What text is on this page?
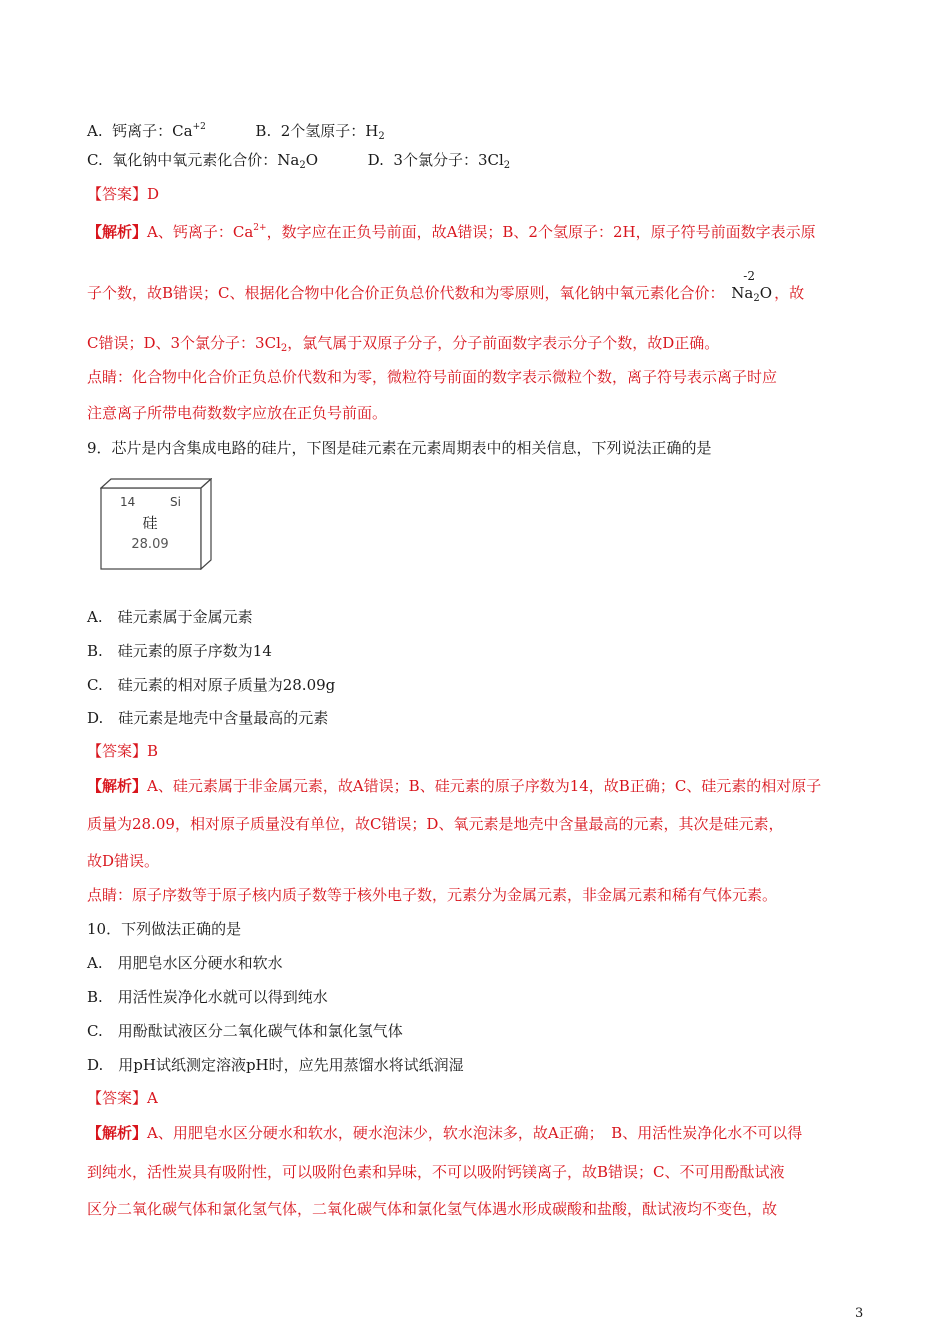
A. 钙离子：$Ca^{+2}$	B. 2个氢原子：$H_2$
C. 氧化钠中氧元素化合价：$Na_2O$	D. 3个氯分子：$3Cl_2$
【答案】D
【解析】A、钙离子：$Ca^{2+}$，数字应在正负号前面，故A错误；B、2个氢原子：2H，原子符号前面数字表示原
子个数，故B错误；C、根据化合物中化合价正负总价代数和为零原则，氧化钠中氧元素化合价：
-2
$Na_2O$ ，故
C错误；D、3个氯分子：$3Cl_2$，氯气属于双原子分子，分子前面数字表示分子个数，故D正确。
点睛：化合物中化合价正负总价代数和为零，微粒符号前面的数字表示微粒个数，离子符号表示离子时应
注意离子所带电荷数数字应放在正负号前面。
9．芯片是内含集成电路的硅片，下图是硅元素在元素周期表中的相关信息，下列说法正确的是
14	Si
硅
28.09
A.　硅元素属于金属元素
B.　硅元素的原子序数为14
C.　硅元素的相对原子质量为28.09g
D.　硅元素是地壳中含量最高的元素
【答案】B
【解析】A、硅元素属于非金属元素，故A错误；B、硅元素的原子序数为14，故B正确；C、硅元素的相对原子
质量为28.09，相对原子质量没有单位，故C错误；D、氧元素是地壳中含量最高的元素，其次是硅元素，
故D错误。
点睛：原子序数等于原子核内质子数等于核外电子数，元素分为金属元素，非金属元素和稀有气体元素。
10．下列做法正确的是
A.　用肥皂水区分硬水和软水
B.　用活性炭净化水就可以得到纯水
C.　用酚酞试液区分二氧化碳气体和氯化氢气体
D.　用pH试纸测定溶液pH时，应先用蒸馏水将试纸润湿
【答案】A
【解析】A、用肥皂水区分硬水和软水，硬水泡沫少，软水泡沫多，故A正确；　B、用活性炭净化水不可以得
到纯水，活性炭具有吸附性，可以吸附色素和异味，不可以吸附钙镁离子，故B错误；C、不可用酚酞试液
区分二氧化碳气体和氯化氢气体，二氧化碳气体和氯化氢气体遇水形成碳酸和盐酸，酞试液均不变色，故
3
